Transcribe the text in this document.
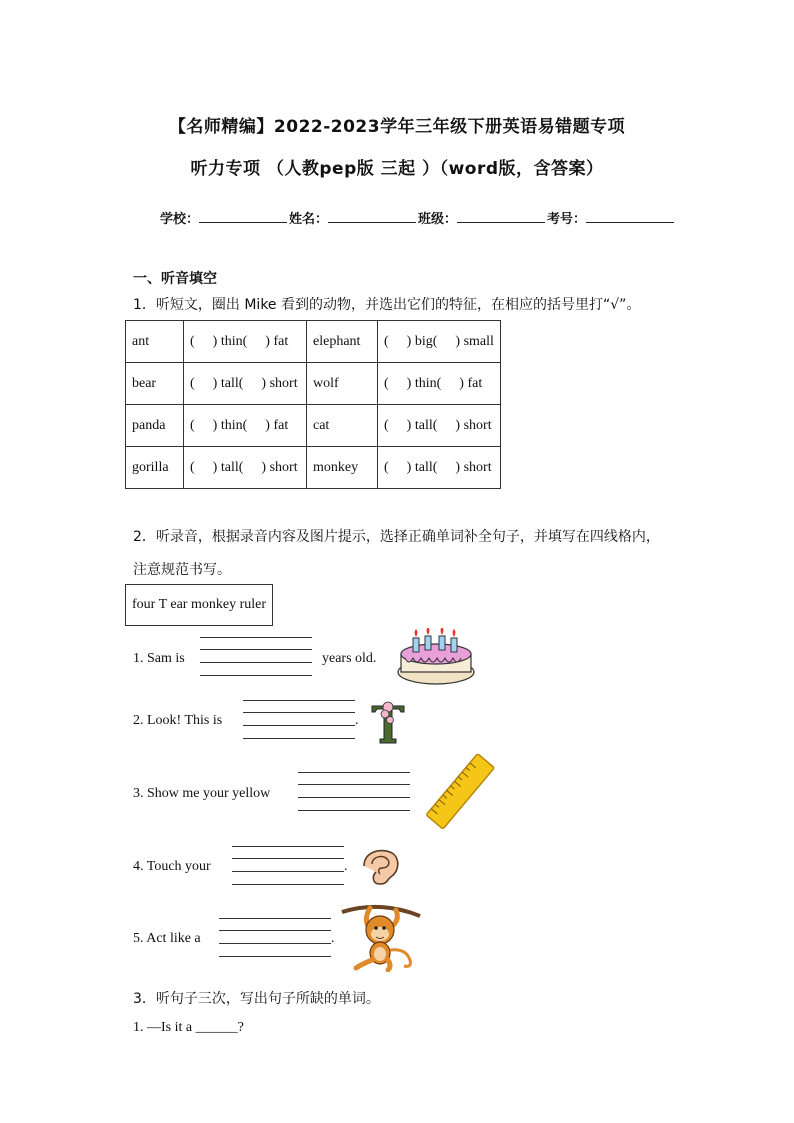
【名师精编】2022-2023学年三年级下册英语易错题专项
听力专项 （人教pep版 三起 ）（word版，含答案）
学校：	姓名：	班级：	考号：
一、听音填空
1．听短文，圈出 Mike 看到的动物，并选出它们的特征，在相应的括号里打“√”。
ant	( ) thin( ) fat	elephant	( ) big( ) small
bear	( ) tall( ) short	wolf	( ) thin( ) fat
panda	( ) thin( ) fat	cat	( ) tall( ) short
gorilla	( ) tall( ) short	monkey	( ) tall( ) short
2．听录音，根据录音内容及图片提示，选择正确单词补全句子，并填写在四线格内，
注意规范书写。
four T ear monkey ruler
1. Sam is	years old.
2. Look! This is	.
3. Show me your yellow
4. Touch your	.
5. Act like a	.
3．听句子三次，写出句子所缺的单词。
1. —Is it a ______?
